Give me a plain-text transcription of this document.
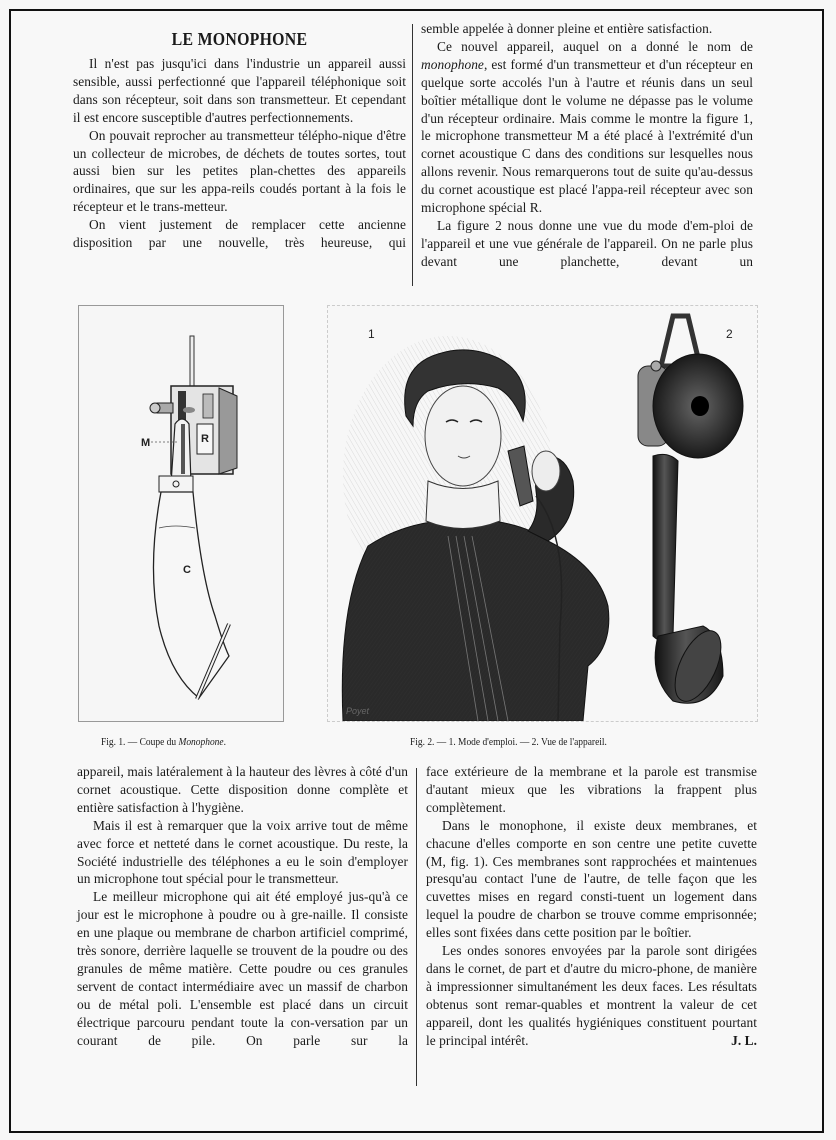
LE MONOPHONE

Il n'est pas jusqu'ici dans l'industrie un appareil aussi sensible, aussi perfectionné que l'appareil téléphonique soit dans son récepteur, soit dans son transmetteur. Et cependant il est encore susceptible d'autres perfectionnements.

On pouvait reprocher au transmetteur télépho-nique d'être un collecteur de microbes, de déchets de toutes sortes, tout aussi bien sur les petites plan-chettes des appareils ordinaires, que sur les appa-reils coudés portant à la fois le récepteur et le trans-metteur.

On vient justement de remplacer cette ancienne disposition par une nouvelle, très heureuse, qui

semble appelée à donner pleine et entière satisfaction.

Ce nouvel appareil, auquel on a donné le nom de monophone, est formé d'un transmetteur et d'un récepteur en quelque sorte accolés l'un à l'autre et réunis dans un seul boîtier métallique dont le volume ne dépasse pas le volume d'un récepteur ordinaire. Mais comme le montre la figure 1, le microphone transmetteur M a été placé à l'extrémité d'un cornet acoustique C dans des conditions sur lesquelles nous allons revenir. Nous remarquerons tout de suite qu'au-dessus du cornet acoustique est placé l'appa-reil récepteur avec son microphone spécial R.

La figure 2 nous donne une vue du mode d'em-ploi de l'appareil et une vue générale de l'appareil. On ne parle plus devant une planchette, devant un

M	R
C
1	2
Poyet
Fig. 1. — Coupe du Monophone.	Fig. 2. — 1. Mode d'emploi. — 2. Vue de l'appareil.

appareil, mais latéralement à la hauteur des lèvres à côté d'un cornet acoustique. Cette disposition donne complète et entière satisfaction à l'hygiène.

Mais il est à remarquer que la voix arrive tout de même avec force et netteté dans le cornet acoustique. Du reste, la Société industrielle des téléphones a eu le soin d'employer un microphone tout spécial pour le transmetteur.

Le meilleur microphone qui ait été employé jus-qu'à ce jour est le microphone à poudre ou à gre-naille. Il consiste en une plaque ou membrane de charbon artificiel comprimé, très sonore, derrière laquelle se trouvent de la poudre ou des granules de même matière. Cette poudre ou ces granules servent de contact intermédiaire avec un massif de charbon ou de métal poli. L'ensemble est placé dans un circuit électrique parcouru pendant toute la con-versation par un courant de pile. On parle sur la

face extérieure de la membrane et la parole est transmise d'autant mieux que les vibrations la frappent plus complètement.

Dans le monophone, il existe deux membranes, et chacune d'elles comporte en son centre une petite cuvette (M, fig. 1). Ces membranes sont rapprochées et maintenues presqu'au contact l'une de l'autre, de telle façon que les cuvettes mises en regard consti-tuent un logement dans lequel la poudre de charbon se trouve comme emprisonnée; elles sont fixées dans cette position par le boîtier.

Les ondes sonores envoyées par la parole sont dirigées dans le cornet, de part et d'autre du micro-phone, de manière à impressionner simultanément les deux faces. Les résultats obtenus sont remar-quables et montrent la valeur de cet appareil, dont les qualités hygiéniques constituent pourtant le principal intérêt.	J. L.
